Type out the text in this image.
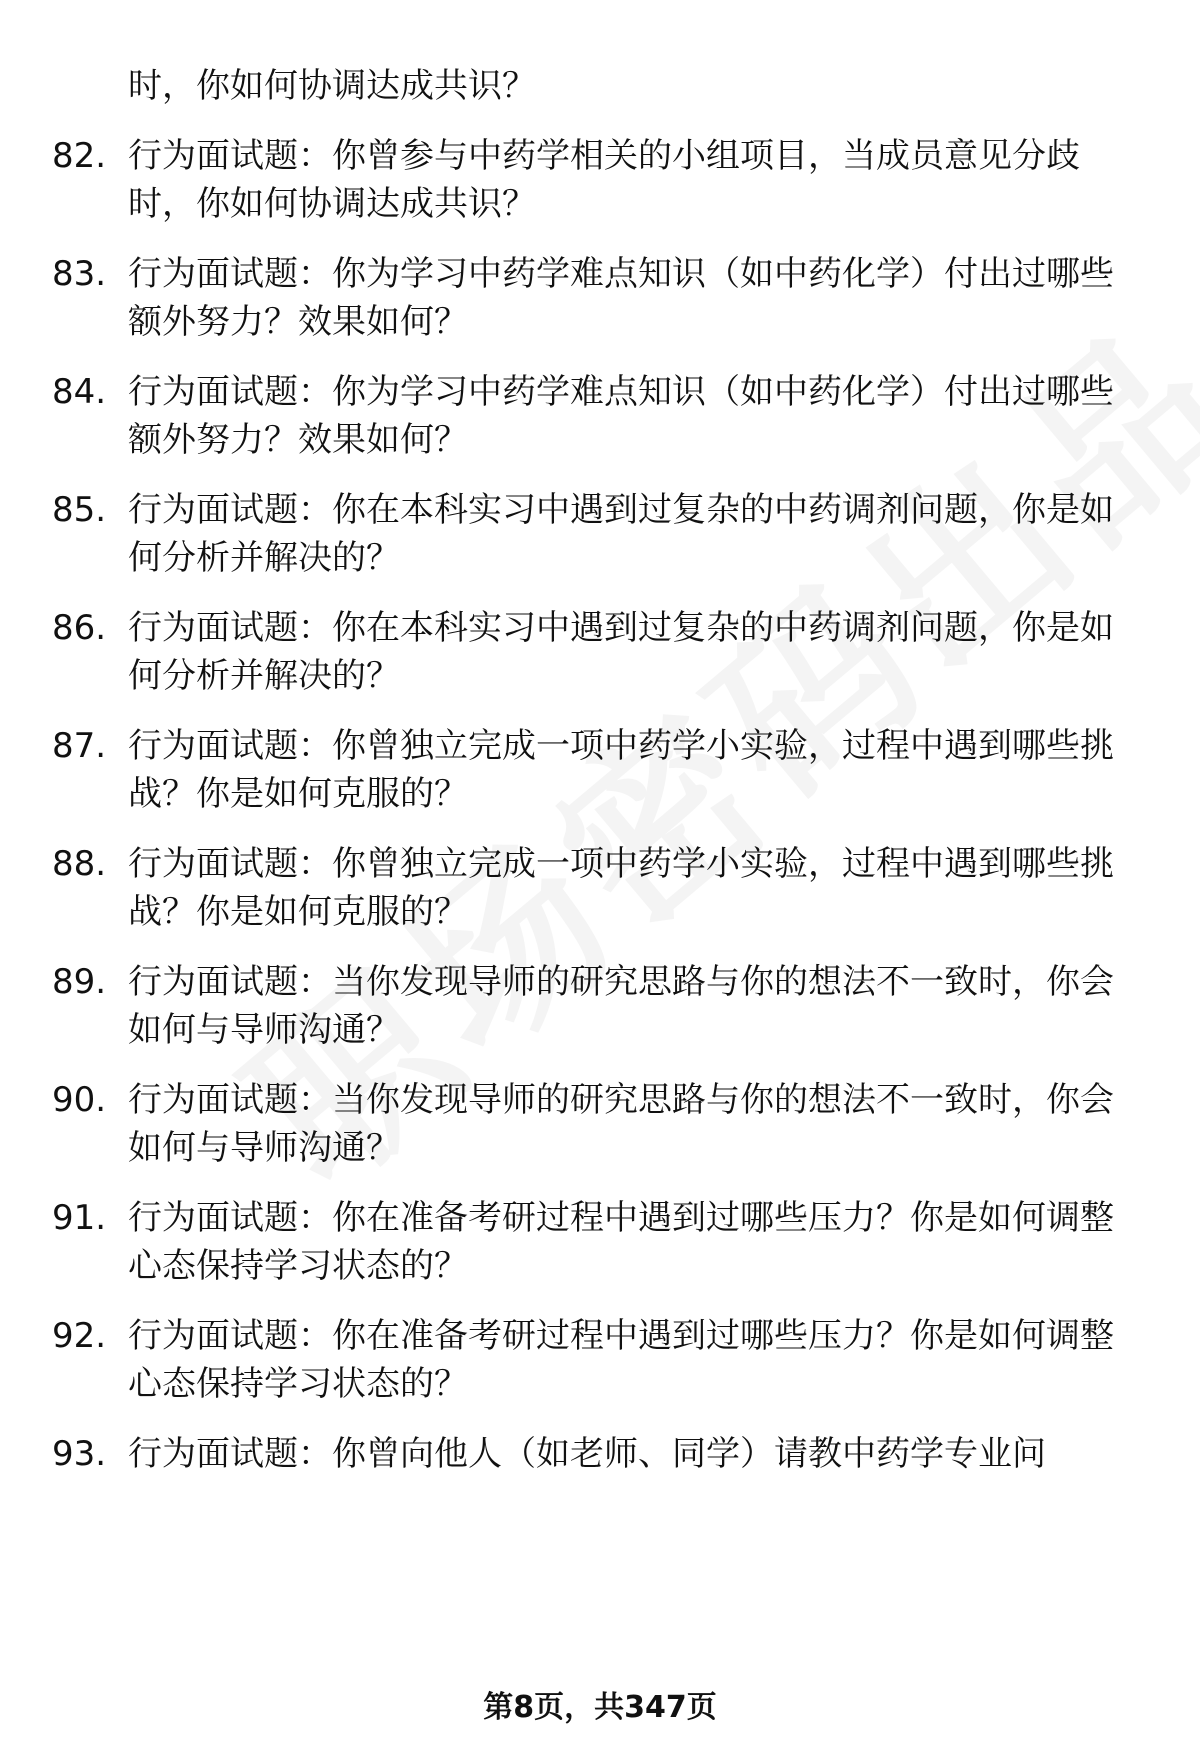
时，你如何协调达成共识？
82. 行为面试题：你曾参与中药学相关的小组项目，当成员意见分歧时，你如何协调达成共识？
83. 行为面试题：你为学习中药学难点知识（如中药化学）付出过哪些额外努力？效果如何？
84. 行为面试题：你为学习中药学难点知识（如中药化学）付出过哪些额外努力？效果如何？
85. 行为面试题：你在本科实习中遇到过复杂的中药调剂问题，你是如何分析并解决的？
86. 行为面试题：你在本科实习中遇到过复杂的中药调剂问题，你是如何分析并解决的？
87. 行为面试题：你曾独立完成一项中药学小实验，过程中遇到哪些挑战？你是如何克服的？
88. 行为面试题：你曾独立完成一项中药学小实验，过程中遇到哪些挑战？你是如何克服的？
89. 行为面试题：当你发现导师的研究思路与你的想法不一致时，你会如何与导师沟通？
90. 行为面试题：当你发现导师的研究思路与你的想法不一致时，你会如何与导师沟通？
91. 行为面试题：你在准备考研过程中遇到过哪些压力？你是如何调整心态保持学习状态的？
92. 行为面试题：你在准备考研过程中遇到过哪些压力？你是如何调整心态保持学习状态的？
93. 行为面试题：你曾向他人（如老师、同学）请教中药学专业问
第8页，共347页
